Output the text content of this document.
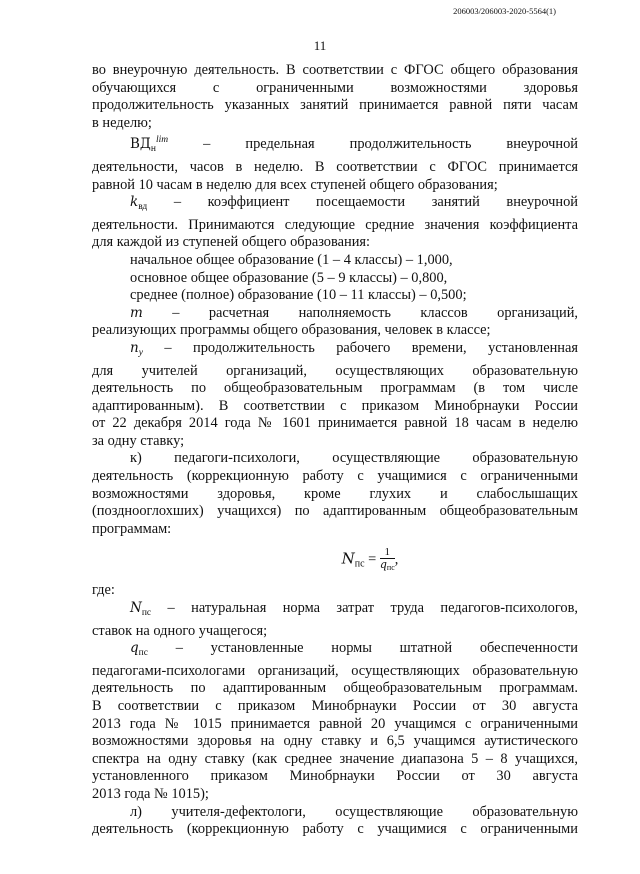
206003/206003-2020-5564(1)
11
во внеурочную деятельность. В соответствии с ФГОС общего образования
обучающихся с ограниченными возможностями здоровья
продолжительность указанных занятий принимается равной пяти часам
в неделю;
$ВД_н^{lim}$ – предельная продолжительность внеурочной
деятельности, часов в неделю. В соответствии с ФГОС принимается
равной 10 часам в неделю для всех ступеней общего образования;
$k_{вд}$ – коэффициент посещаемости занятий внеурочной
деятельности. Принимаются следующие средние значения коэффициента
для каждой из ступеней общего образования:
начальное общее образование (1 – 4 классы) – 1,000,
основное общее образование (5 – 9 классы) – 0,800,
среднее (полное) образование (10 – 11 классы) – 0,500;
m – расчетная наполняемость классов организаций,
реализующих программы общего образования, человек в классе;
$n_у$ – продолжительность рабочего времени, установленная
для учителей организаций, осуществляющих образовательную
деятельность по общеобразовательным программам (в том числе
адаптированным). В соответствии с приказом Минобрнауки России
от 22 декабря 2014 года № 1601 принимается равной 18 часам в неделю
за одну ставку;
к) педагоги-психологи, осуществляющие образовательную
деятельность (коррекционную работу с учащимися с ограниченными
возможностями здоровья, кроме глухих и слабослышащих
(позднооглохших) учащихся) по адаптированным общеобразовательным
программам:
$N_{пс} = \frac{1}{q_{пс}}$ ,
где:
$N_{пс}$ – натуральная норма затрат труда педагогов-психологов,
ставок на одного учащегося;
$q_{пс}$ – установленные нормы штатной обеспеченности
педагогами-психологами организаций, осуществляющих образовательную
деятельность по адаптированным общеобразовательным программам.
В соответствии с приказом Минобрнауки России от 30 августа
2013 года № 1015 принимается равной 20 учащимся с ограниченными
возможностями здоровья на одну ставку и 6,5 учащимся аутистического
спектра на одну ставку (как среднее значение диапазона 5 – 8 учащихся,
установленного приказом Минобрнауки России от 30 августа
2013 года № 1015);
л) учителя-дефектологи, осуществляющие образовательную
деятельность (коррекционную работу с учащимися с ограниченными
